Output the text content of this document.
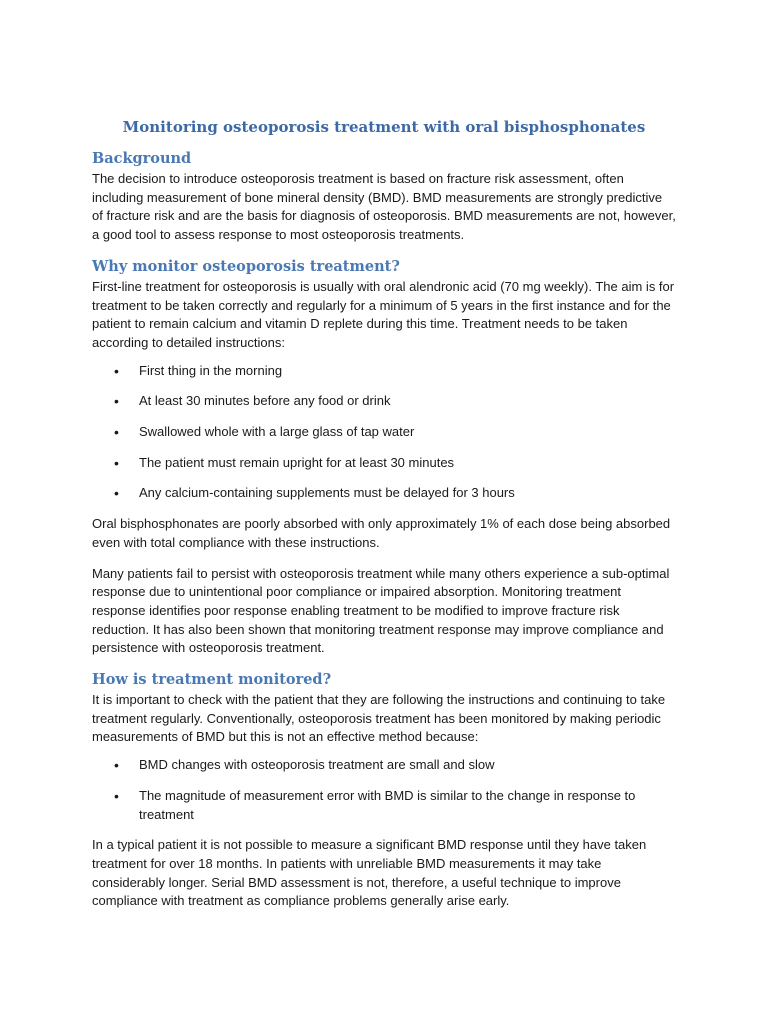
Monitoring osteoporosis treatment with oral bisphosphonates
Background

The decision to introduce osteoporosis treatment is based on fracture risk assessment, often including measurement of bone mineral density (BMD). BMD measurements are strongly predictive of fracture risk and are the basis for diagnosis of osteoporosis. BMD measurements are not, however, a good tool to assess response to most osteoporosis treatments.

Why monitor osteoporosis treatment?

First-line treatment for osteoporosis is usually with oral alendronic acid (70 mg weekly). The aim is for treatment to be taken correctly and regularly for a minimum of 5 years in the first instance and for the patient to remain calcium and vitamin D replete during this time. Treatment needs to be taken according to detailed instructions:

• First thing in the morning
• At least 30 minutes before any food or drink
• Swallowed whole with a large glass of tap water
• The patient must remain upright for at least 30 minutes
• Any calcium-containing supplements must be delayed for 3 hours

Oral bisphosphonates are poorly absorbed with only approximately 1% of each dose being absorbed even with total compliance with these instructions.

Many patients fail to persist with osteoporosis treatment while many others experience a sub-optimal response due to unintentional poor compliance or impaired absorption. Monitoring treatment response identifies poor response enabling treatment to be modified to improve fracture risk reduction. It has also been shown that monitoring treatment response may improve compliance and persistence with osteoporosis treatment.

How is treatment monitored?

It is important to check with the patient that they are following the instructions and continuing to take treatment regularly. Conventionally, osteoporosis treatment has been monitored by making periodic measurements of BMD but this is not an effective method because:

• BMD changes with osteoporosis treatment are small and slow
• The magnitude of measurement error with BMD is similar to the change in response to treatment

In a typical patient it is not possible to measure a significant BMD response until they have taken treatment for over 18 months. In patients with unreliable BMD measurements it may take considerably longer. Serial BMD assessment is not, therefore, a useful technique to improve compliance with treatment as compliance problems generally arise early.
